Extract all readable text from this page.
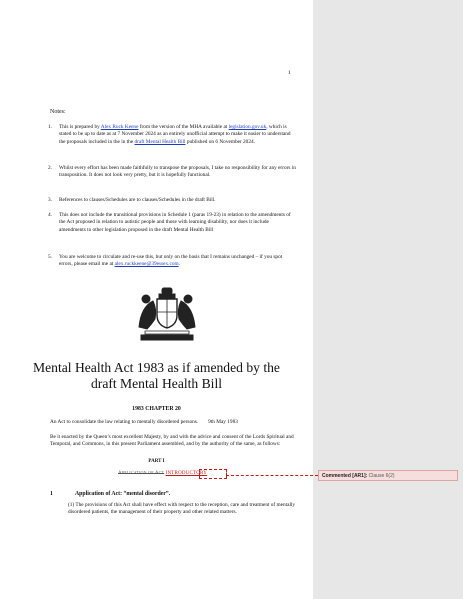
1
Notes:
1. This is prepared by Alex Ruck Keene from the version of the MHA available at legislation.gov.uk, which is stated to be up to date as at 7 November 2024 as an entirely unofficial attempt to make it easier to understand the proposals included in the in the draft Mental Health Bill published on 6 November 2024.
2. Whilst every effort has been made faithfully to transpose the proposals, I take no responsibility for any errors in transposition. It does not look very pretty, but it is hopefully functional.
3. References to clauses/Schedules are to clauses/Schedules in the draft Bill.
4. This does not include the transitional provisions in Schedule 1 (paras 19-23) in relation to the amendments of the Act proposed in relation to autistic people and those with learning disability, nor does it include amendments to other legislation proposed in the draft Mental Health Bill
5. You are welcome to circulate and re-use this, but only on the basis that I remains unchanged – if you spot errors, please email me at alex.ruckkeene@39essex.com.
Mental Health Act 1983 as if amended by the draft Mental Health Bill
1983 CHAPTER 20
An Act to consolidate the law relating to mentally disordered persons. 9th May 1983
Be it enacted by the Queen’s most excellent Majesty, by and with the advice and consent of the Lords Spiritual and Temporal, and Commons, in this present Parliament assembled, and by the authority of the same, as follows:
PART I
Application of Act INTRODUCTORY
1	Application of Act: “mental disorder”.
(1) The provisions of this Act shall have effect with respect to the reception, care and treatment of mentally disordered patients, the management of their property and other related matters.
Commented [AR1]: Clause 6(2)
